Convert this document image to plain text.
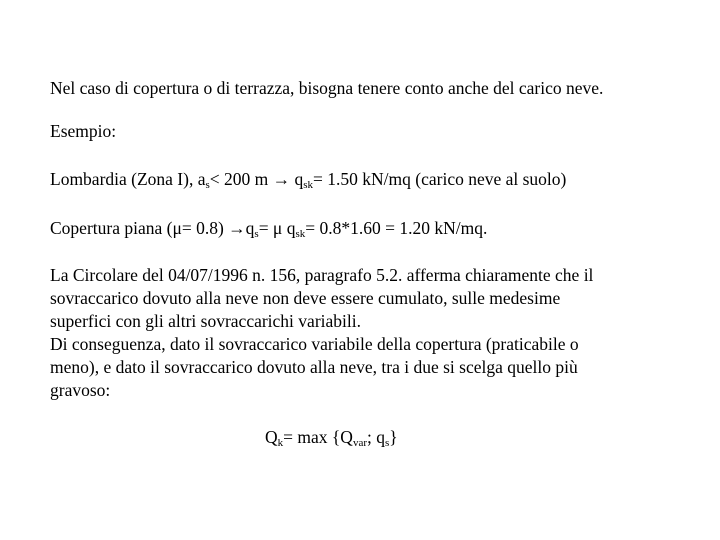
Nel caso di copertura o di terrazza, bisogna tenere conto anche del carico neve.

Esempio:

Lombardia (Zona I), $a_s< 200$ $m \to q_{sk}= 1.50$ kN/mq (carico neve al suolo)

Copertura piana $(\mu= 0.8) \to q_s= \mu$ $q_{sk}= 0.8*1.60 = 1.20$ kN/mq.

La Circolare del 04/07/1996 n. 156, paragrafo 5.2. afferma chiaramente che il
sovraccarico dovuto alla neve non deve essere cumulato, sulle medesime
superfici con gli altri sovraccarichi variabili.
Di conseguenza, dato il sovraccarico variabile della copertura (praticabile o
meno), e dato il sovraccarico dovuto alla neve, tra i due si scelga quello più
gravoso:

$Q_k= \max \{Q_{var}$; $q_s$}
